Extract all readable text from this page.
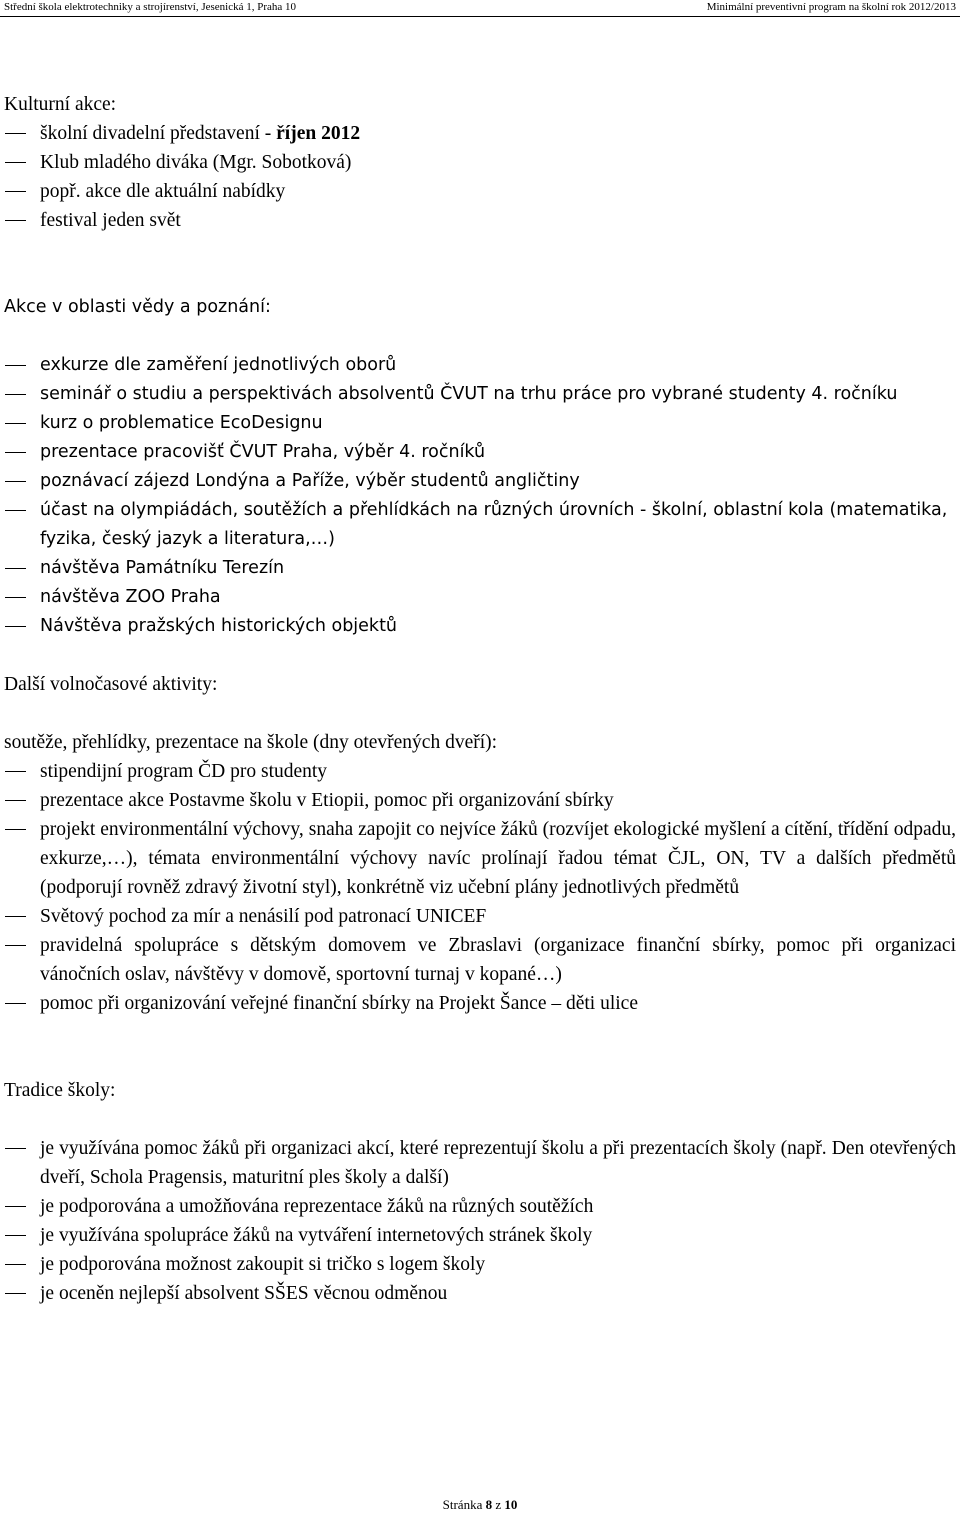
Střední škola elektrotechniky a strojírenství, Jesenická 1, Praha 10	Minimální preventivní program na školní rok 2012/2013

Kulturní akce:

školní divadelní představení - říjen 2012
Klub mladého diváka (Mgr. Sobotková)
popř. akce dle aktuální nabídky
festival jeden svět

Akce v oblasti vědy a poznání:

exkurze dle zaměření jednotlivých oborů
seminář o studiu a perspektivách absolventů ČVUT na trhu práce pro vybrané studenty 4. ročníku
kurz o problematice EcoDesignu
prezentace pracovišť ČVUT Praha, výběr 4. ročníků
poznávací zájezd Londýna a Paříže, výběr studentů angličtiny
účast na olympiádách, soutěžích a přehlídkách na různých úrovních - školní, oblastní kola (matematika, fyzika, český jazyk a literatura,…)
návštěva Památníku Terezín
návštěva ZOO Praha
Návštěva pražských historických objektů

Další volnočasové aktivity:

soutěže, přehlídky, prezentace na škole (dny otevřených dveří):

stipendijní program ČD pro studenty
prezentace akce Postavme školu v Etiopii, pomoc při organizování sbírky
projekt environmentální výchovy, snaha zapojit co nejvíce žáků (rozvíjet ekologické myšlení a cítění, třídění odpadu, exkurze,…), témata environmentální výchovy navíc prolínají řadou témat ČJL, ON, TV a dalších předmětů (podporují rovněž zdravý životní styl), konkrétně viz učební plány jednotlivých předmětů
Světový pochod za mír a nenásilí pod patronací UNICEF
pravidelná spolupráce s dětským domovem ve Zbraslavi (organizace finanční sbírky, pomoc při organizaci vánočních oslav, návštěvy v domově, sportovní turnaj v kopané…)
pomoc při organizování veřejné finanční sbírky na Projekt Šance – děti ulice

Tradice školy:

je využívána pomoc žáků při organizaci akcí, které reprezentují školu a při prezentacích školy (např. Den otevřených dveří, Schola Pragensis, maturitní ples školy a další)
je podporována a umožňována reprezentace žáků na různých soutěžích
je využívána spolupráce žáků na vytváření internetových stránek školy
je podporována možnost zakoupit si tričko s logem školy
je oceněn nejlepší absolvent SŠES věcnou odměnou
Stránka 8 z 10
